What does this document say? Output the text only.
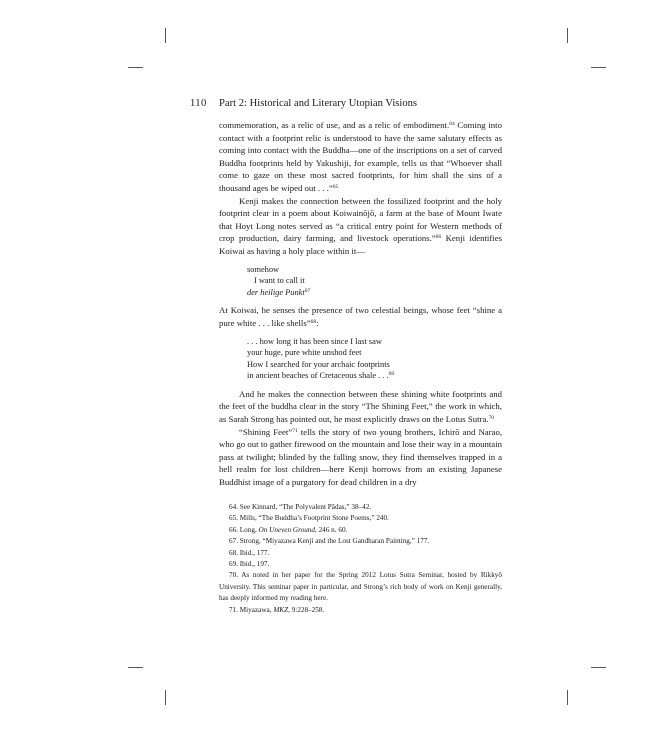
110 Part 2: Historical and Literary Utopian Visions

commemoration, as a relic of use, and as a relic of embodiment.$^{64}$ Coming into contact with a footprint relic is understood to have the same salutary effects as coming into contact with the Buddha—one of the inscriptions on a set of carved Buddha footprints held by Yakushiji, for example, tells us that “Whoever shall come to gaze on these most sacred footprints, for him shall the sins of a thousand ages be wiped out . . .”$^{65}$

Kenji makes the connection between the fossilized footprint and the holy footprint clear in a poem about Koiwainōjō, a farm at the base of Mount Iwate that Hoyt Long notes served as “a critical entry point for Western methods of crop production, dairy farming, and livestock operations.”$^{66}$ Kenji identifies Koiwai as having a holy place within it—

somehow
I want to call it
der heilige Punkt$^{67}$

At Koiwai, he senses the presence of two celestial beings, whose feet “shine a pure white . . . like shells”$^{68}$:

. . . how long it has been since I last saw
your huge, pure white unshod feet
How I searched for your archaic footprints
in ancient beaches of Cretaceous shale . . .$^{69}$

And he makes the connection between these shining white footprints and the feet of the buddha clear in the story “The Shining Feet,” the work in which, as Sarah Strong has pointed out, he most explicitly draws on the Lotus Sutra.$^{70}$

“Shining Feet”$^{71}$ tells the story of two young brothers, Ichirō and Narao, who go out to gather firewood on the mountain and lose their way in a mountain pass at twilight; blinded by the falling snow, they find themselves trapped in a hell realm for lost children—here Kenji borrows from an existing Japanese Buddhist image of a purgatory for dead children in a dry

64. See Kinnard, “The Polyvalent Pādas,” 38–42.

65. Mills, “The Buddha’s Footprint Stone Poems,” 240.

66. Long, On Uneven Ground, 246 n. 60.

67. Strong, “Miyazawa Kenji and the Lost Gandharan Painting,” 177.

68. Ibid., 177.

69. Ibid., 197.

70. As noted in her paper for the Spring 2012 Lotus Sutra Seminar, hosted by Rikkyō University. This seminar paper in particular, and Strong’s rich body of work on Kenji generally, has deeply informed my reading here.

71. Miyazawa, MKZ, 9:228–258.
